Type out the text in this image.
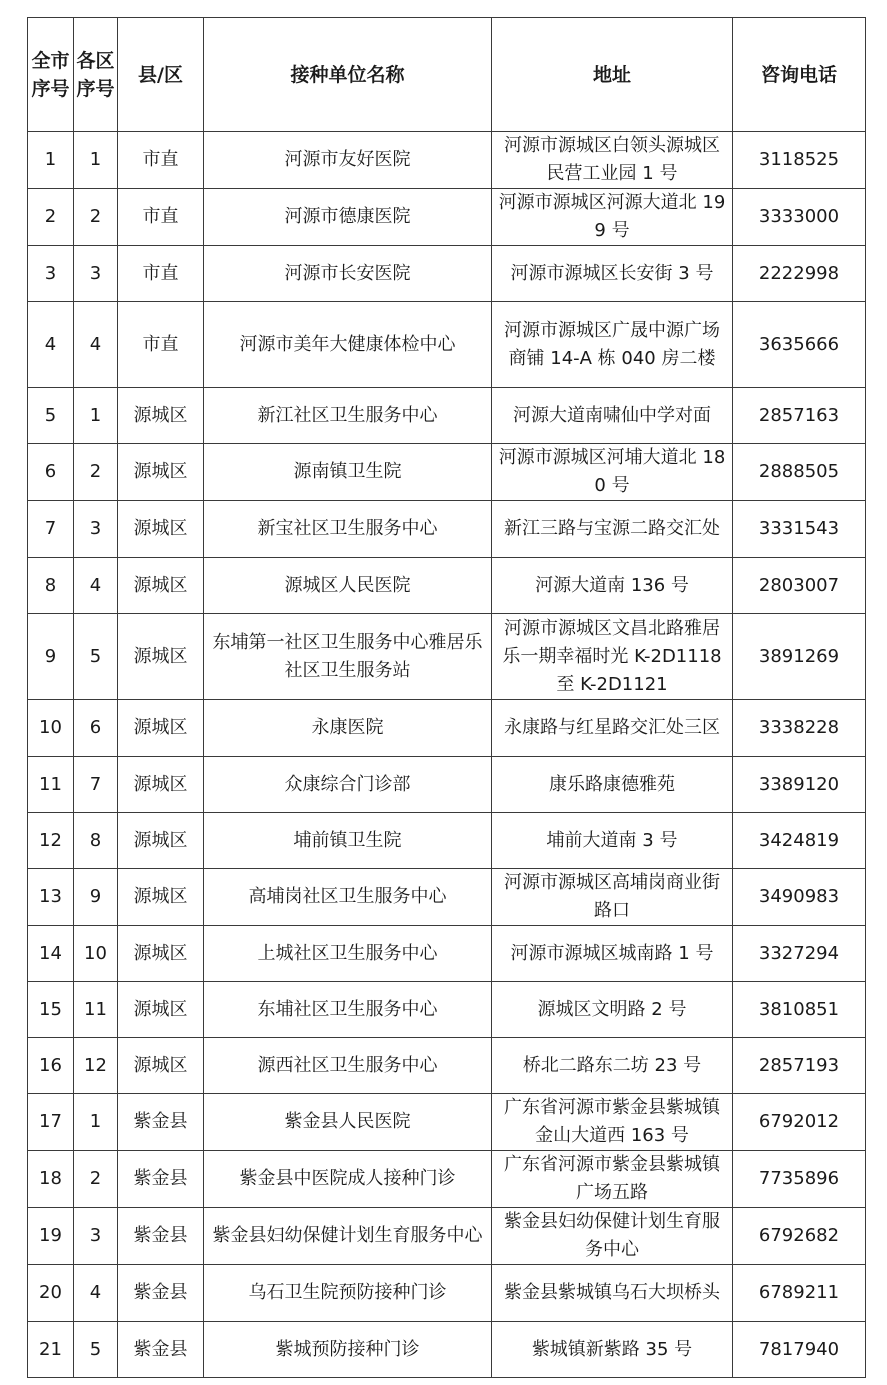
全市序号	各区序号	县/区	接种单位名称	地址	咨询电话
1	1	市直	河源市友好医院	河源市源城区白领头源城区民营工业园 1 号	3118525
2	2	市直	河源市德康医院	河源市源城区河源大道北 199 号	3333000
3	3	市直	河源市长安医院	河源市源城区长安街 3 号	2222998
4	4	市直	河源市美年大健康体检中心	河源市源城区广晟中源广场商铺 14-A 栋 040 房二楼	3635666
5	1	源城区	新江社区卫生服务中心	河源大道南啸仙中学对面	2857163
6	2	源城区	源南镇卫生院	河源市源城区河埔大道北 180 号	2888505
7	3	源城区	新宝社区卫生服务中心	新江三路与宝源二路交汇处	3331543
8	4	源城区	源城区人民医院	河源大道南 136 号	2803007
9	5	源城区	东埔第一社区卫生服务中心雅居乐社区卫生服务站	河源市源城区文昌北路雅居乐一期幸福时光 K-2D1118 至 K-2D1121	3891269
10	6	源城区	永康医院	永康路与红星路交汇处三区	3338228
11	7	源城区	众康综合门诊部	康乐路康德雅苑	3389120
12	8	源城区	埔前镇卫生院	埔前大道南 3 号	3424819
13	9	源城区	高埔岗社区卫生服务中心	河源市源城区高埔岗商业街路口	3490983
14	10	源城区	上城社区卫生服务中心	河源市源城区城南路 1 号	3327294
15	11	源城区	东埔社区卫生服务中心	源城区文明路 2 号	3810851
16	12	源城区	源西社区卫生服务中心	桥北二路东二坊 23 号	2857193
17	1	紫金县	紫金县人民医院	广东省河源市紫金县紫城镇金山大道西 163 号	6792012
18	2	紫金县	紫金县中医院成人接种门诊	广东省河源市紫金县紫城镇广场五路	7735896
19	3	紫金县	紫金县妇幼保健计划生育服务中心	紫金县妇幼保健计划生育服务中心	6792682
20	4	紫金县	乌石卫生院预防接种门诊	紫金县紫城镇乌石大坝桥头	6789211
21	5	紫金县	紫城预防接种门诊	紫城镇新紫路 35 号	7817940
